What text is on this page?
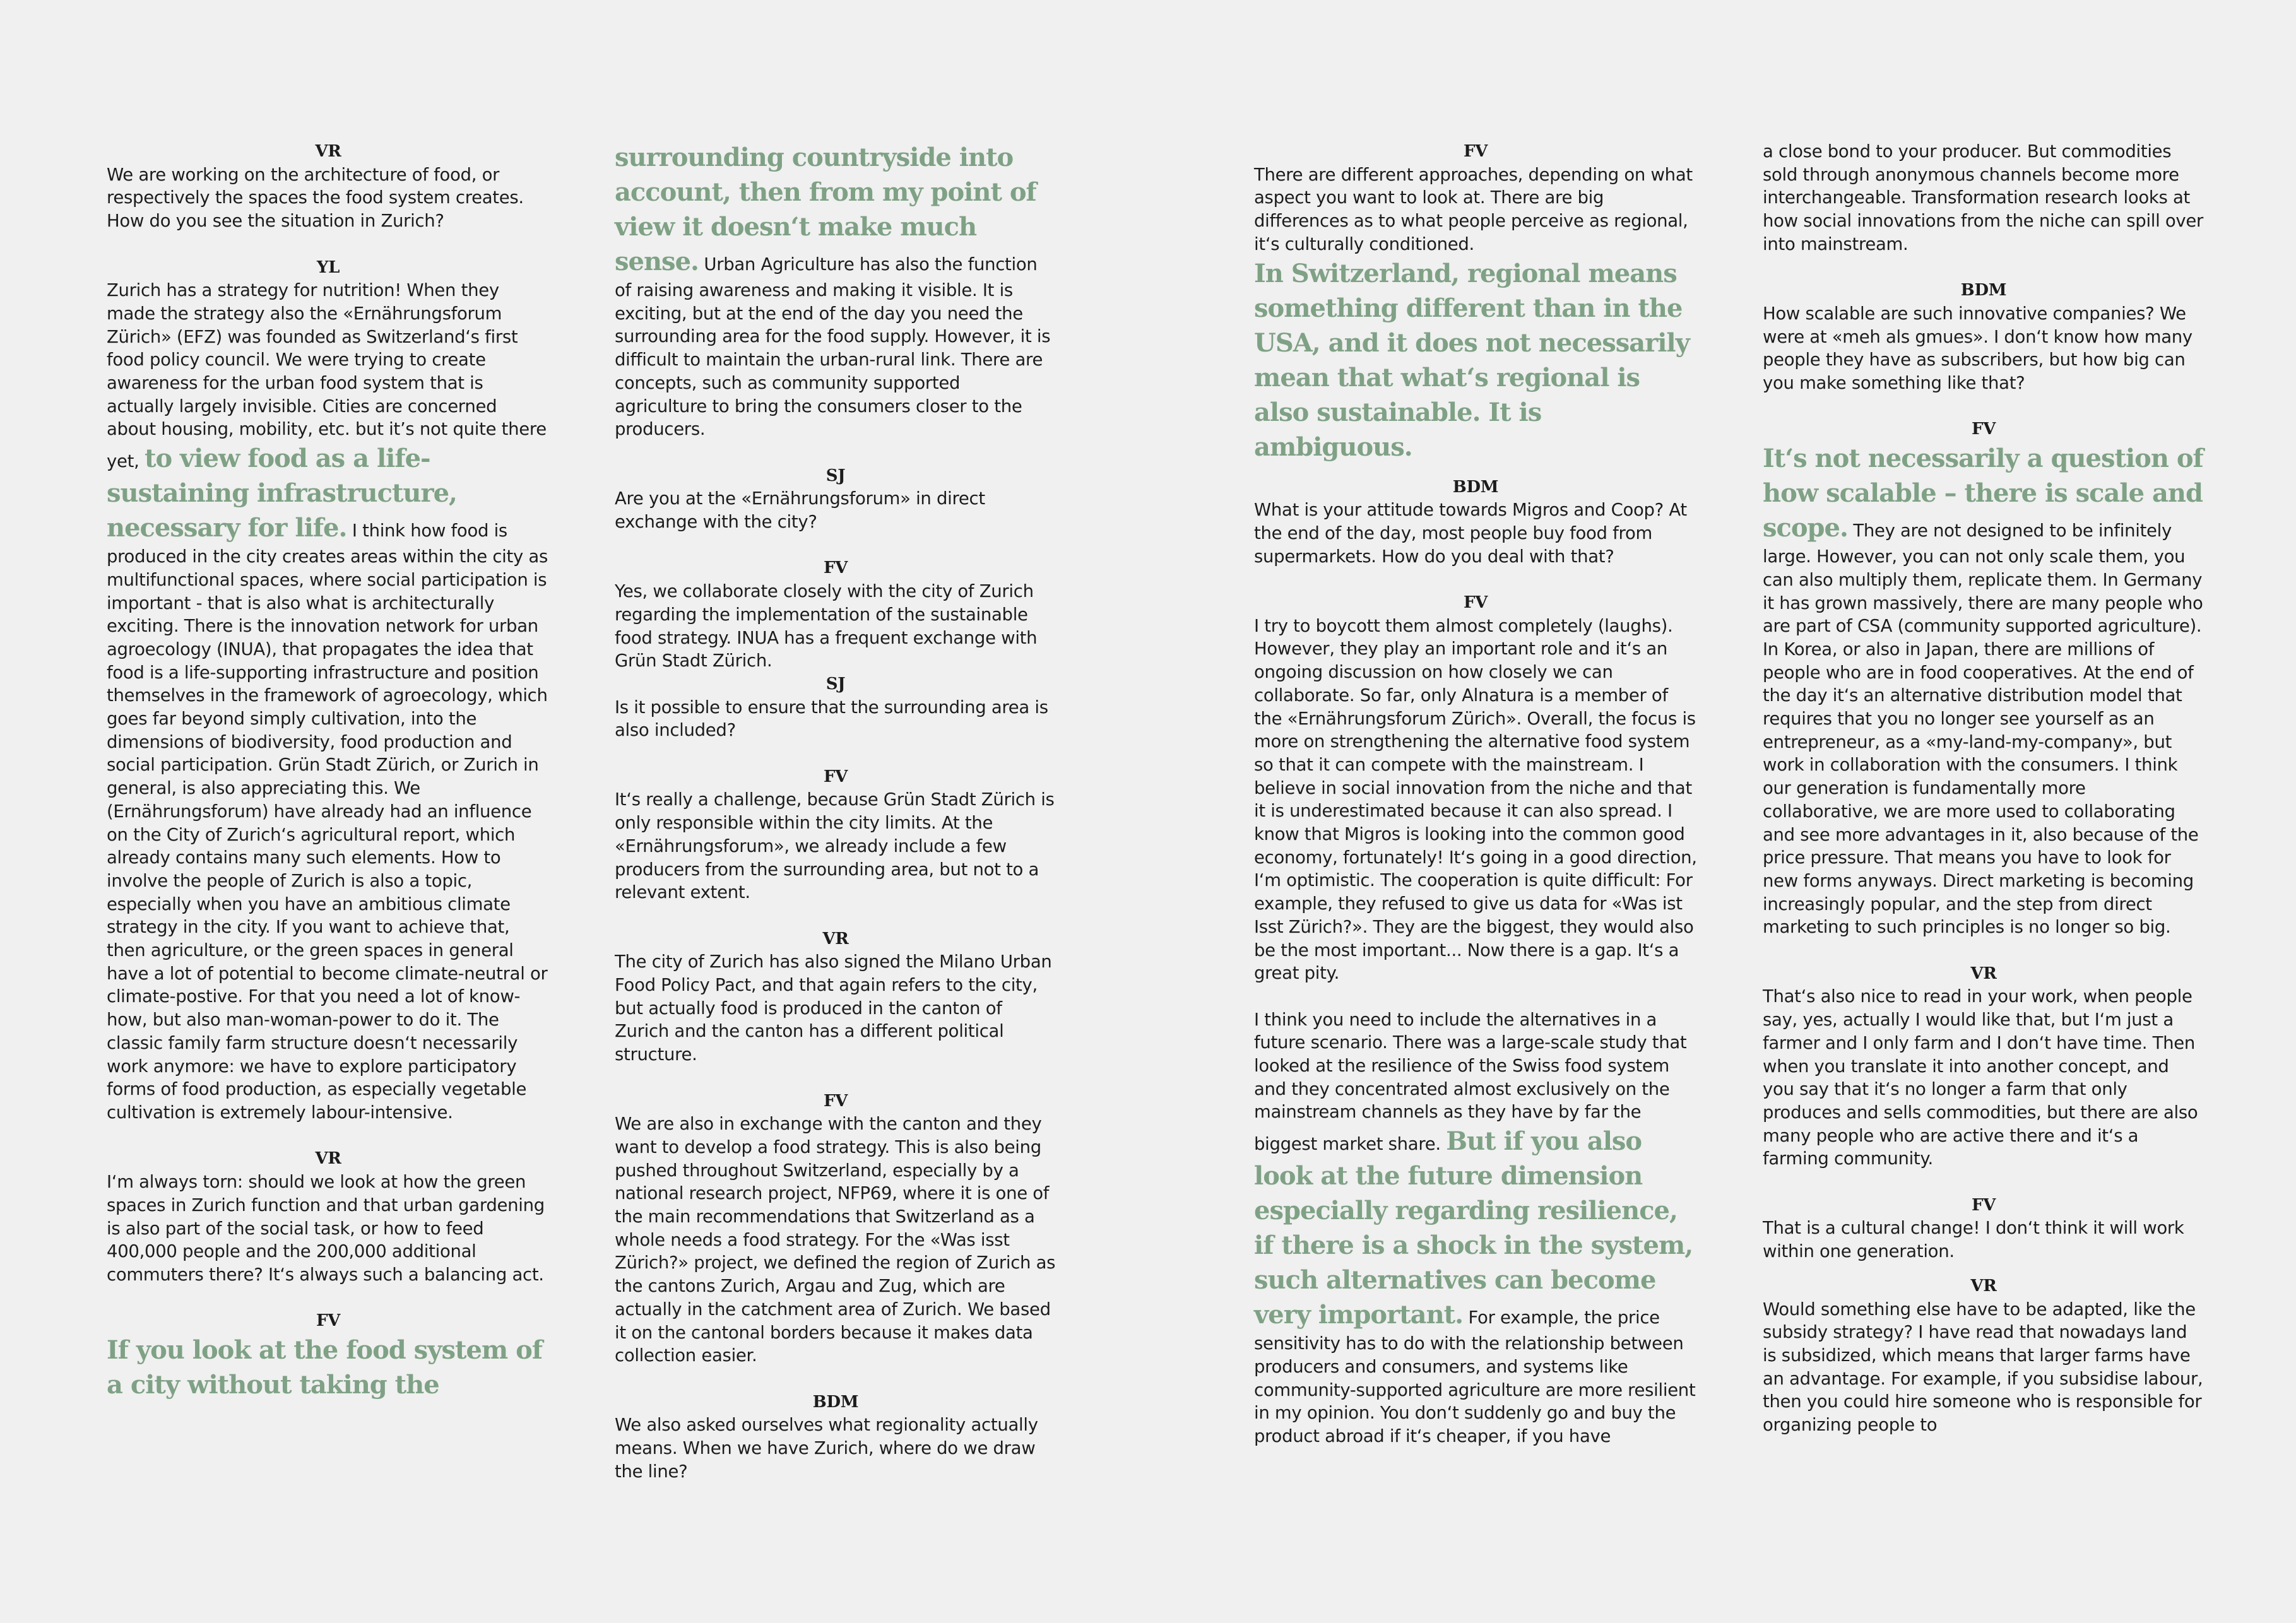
VR
We are working on the architecture of food, or respectively the spaces the food system creates. How do you see the situation in Zurich?
YL
Zurich has a strategy for nutrition! When they made the strategy also the «Ernährungsforum Zürich» (EFZ) was founded as Switzerland‘s first food policy council. We were trying to create awareness for the urban food system that is actually largely invisible. Cities are concerned about housing, mobility, etc. but it’s not quite there yet, to view food as a life-sustaining infrastructure, necessary for life. I think how food is produced in the city creates areas within the city as multifunctional spaces, where social participation is important - that is also what is architecturally exciting. There is the innovation network for urban agroecology (INUA), that propagates the idea that food is a life-supporting infrastructure and position themselves in the framework of agroecology, which goes far beyond simply cultivation, into the dimensions of biodiversity, food production and social participation. Grün Stadt Zürich, or Zurich in general, is also appreciating this. We (Ernährungsforum) have already had an influence on the City of Zurich‘s agricultural report, which already contains many such elements. How to involve the people of Zurich is also a topic, especially when you have an ambitious climate strategy in the city. If you want to achieve that, then agriculture, or the green spaces in general have a lot of potential to become climate-neutral or climate-postive. For that you need a lot of know-how, but also man-woman-power to do it. The classic family farm structure doesn‘t necessarily work anymore: we have to explore participatory forms of food production, as especially vegetable cultivation is extremely labour-intensive.
VR
I‘m always torn: should we look at how the green spaces in Zurich function and that urban gardening is also part of the social task, or how to feed 400,000 people and the 200,000 additional commuters there? It‘s always such a balancing act.
FV
If you look at the food system of a city without taking the
surrounding countryside into account, then from my point of view it doesn‘t make much sense. Urban Agriculture has also the function of raising awareness and making it visible. It is exciting, but at the end of the day you need the surrounding area for the food supply. However, it is difficult to maintain the urban-rural link. There are concepts, such as community supported agriculture to bring the consumers closer to the producers.
SJ
Are you at the «Ernährungsforum» in direct exchange with the city?
FV
Yes, we collaborate closely with the city of Zurich regarding the implementation of the sustainable food strategy. INUA has a frequent exchange with Grün Stadt Zürich.
SJ
Is it possible to ensure that the surrounding area is also included?
FV
It‘s really a challenge, because Grün Stadt Zürich is only responsible within the city limits. At the «Ernährungsforum», we already include a few producers from the surrounding area, but not to a relevant extent.
VR
The city of Zurich has also signed the Milano Urban Food Policy Pact, and that again refers to the city, but actually food is produced in the canton of Zurich and the canton has a different political structure.
FV
We are also in exchange with the canton and they want to develop a food strategy. This is also being pushed throughout Switzerland, especially by a national research project, NFP69, where it is one of the main recommendations that Switzerland as a whole needs a food strategy. For the «Was isst Zürich?» project, we defined the region of Zurich as the cantons Zurich, Argau and Zug, which are actually in the catchment area of Zurich. We based it on the cantonal borders because it makes data collection easier.
BDM
We also asked ourselves what regionality actually means. When we have Zurich, where do we draw the line?
FV
There are different approaches, depending on what aspect you want to look at. There are big differences as to what people perceive as regional, it‘s culturally conditioned.
In Switzerland, regional means something different than in the USA, and it does not necessarily mean that what‘s regional is also sustainable. It is ambiguous.
BDM
What is your attitude towards Migros and Coop? At the end of the day, most people buy food from supermarkets. How do you deal with that?
FV
I try to boycott them almost completely (laughs). However, they play an important role and it‘s an ongoing discussion on how closely we can collaborate. So far, only Alnatura is a member of the «Ernährungsforum Zürich». Overall, the focus is more on strengthening the alternative food system so that it can compete with the mainstream. I believe in social innovation from the niche and that it is underestimated because it can also spread. I know that Migros is looking into the common good economy, fortunately! It‘s going in a good direction, I‘m optimistic. The cooperation is quite difficult: For example, they refused to give us data for «Was ist Isst Zürich?». They are the biggest, they would also be the most important... Now there is a gap. It‘s a great pity.
I think you need to include the alternatives in a future scenario. There was a large-scale study that looked at the resilience of the Swiss food system and they concentrated almost exclusively on the mainstream channels as they have by far the biggest market share. But if you also look at the future dimension especially regarding resilience, if there is a shock in the system, such alternatives can become very important. For example, the price sensitivity has to do with the relationship between producers and consumers, and systems like community-supported agriculture are more resilient in my opinion. You don‘t suddenly go and buy the product abroad if it‘s cheaper, if you have
a close bond to your producer. But commodities sold through anonymous channels become more interchangeable. Transformation research looks at how social innovations from the niche can spill over into mainstream.
BDM
How scalable are such innovative companies? We were at «meh als gmues». I don‘t know how many people they have as subscribers, but how big can you make something like that?
FV
It‘s not necessarily a question of how scalable – there is scale and scope. They are not designed to be infinitely large. However, you can not only scale them, you can also multiply them, replicate them. In Germany it has grown massively, there are many people who are part of CSA (community supported agriculture). In Korea, or also in Japan, there are millions of people who are in food cooperatives. At the end of the day it‘s an alternative distribution model that requires that you no longer see yourself as an entrepreneur, as a «my-land-my-company», but work in collaboration with the consumers. I think our generation is fundamentally more collaborative, we are more used to collaborating and see more advantages in it, also because of the price pressure. That means you have to look for new forms anyways. Direct marketing is becoming increasingly popular, and the step from direct marketing to such principles is no longer so big.
VR
That‘s also nice to read in your work, when people say, yes, actually I would like that, but I‘m just a farmer and I only farm and I don‘t have time. Then when you translate it into another concept, and you say that it‘s no longer a farm that only produces and sells commodities, but there are also many people who are active there and it‘s a farming community.
FV
That is a cultural change! I don‘t think it will work within one generation.
VR
Would something else have to be adapted, like the subsidy strategy? I have read that nowadays land is subsidized, which means that larger farms have an advantage. For example, if you subsidise labour, then you could hire someone who is responsible for organizing people to
